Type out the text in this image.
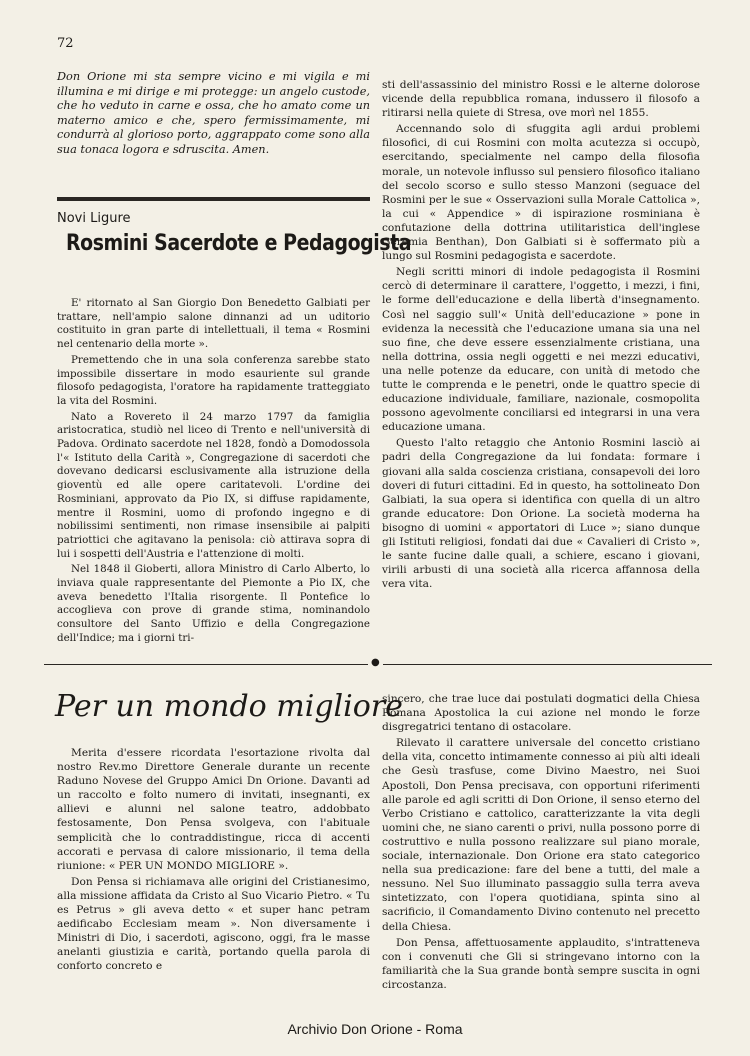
72

Don Orione mi sta sempre vicino e mi vigila e mi illumina e mi dirige e mi protegge: un angelo custode, che ho veduto in carne e ossa, che ho amato come un materno amico e che, spero fermissimamente, mi condurrà al glorioso porto, aggrappato come sono alla sua tonaca logora e sdruscita. Amen.

Novi Ligure
Rosmini Sacerdote e Pedagogista

E' ritornato al San Giorgio Don Benedetto Galbiati per trattare, nell'ampio salone dinnanzi ad un uditorio costituito in gran parte di intellettuali, il tema « Rosmini nel centenario della morte ».

Premettendo che in una sola conferenza sarebbe stato impossibile dissertare in modo esauriente sul grande filosofo pedagogista, l'oratore ha rapidamente tratteggiato la vita del Rosmini.

Nato a Rovereto il 24 marzo 1797 da famiglia aristocratica, studiò nel liceo di Trento e nell'università di Padova. Ordinato sacerdote nel 1828, fondò a Domodossola l'« Istituto della Carità », Congregazione di sacerdoti che dovevano dedicarsi esclusivamente alla istruzione della gioventù ed alle opere caritatevoli. L'ordine dei Rosminiani, approvato da Pio IX, si diffuse rapidamente, mentre il Rosmini, uomo di profondo ingegno e di nobilissimi sentimenti, non rimase insensibile ai palpiti patriottici che agitavano la penisola: ciò attirava sopra di lui i sospetti dell'Austria e l'attenzione di molti.

Nel 1848 il Gioberti, allora Ministro di Carlo Alberto, lo inviava quale rappresentante del Piemonte a Pio IX, che aveva benedetto l'Italia risorgente. Il Pontefice lo accoglieva con prove di grande stima, nominandolo consultore del Santo Uffizio e della Congregazione dell'Indice; ma i giorni tri-

sti dell'assassinio del ministro Rossi e le alterne dolorose vicende della repubblica romana, indussero il filosofo a ritirarsi nella quiete di Stresa, ove morì nel 1855.

Accennando solo di sfuggita agli ardui problemi filosofici, di cui Rosmini con molta acutezza si occupò, esercitando, specialmente nel campo della filosofia morale, un notevole influsso sul pensiero filosofico italiano del secolo scorso e sullo stesso Manzoni (seguace del Rosmini per le sue « Osservazioni sulla Morale Cattolica », la cui « Appendice » di ispirazione rosminiana è confutazione della dottrina utilitaristica dell'inglese Geremia Benthan), Don Galbiati si è soffermato più a lungo sul Rosmini pedagogista e sacerdote.

Negli scritti minori di indole pedagogista il Rosmini cercò di determinare il carattere, l'oggetto, i mezzi, i fini, le forme dell'educazione e della libertà d'insegnamento. Così nel saggio sull'« Unità dell'educazione » pone in evidenza la necessità che l'educazione umana sia una nel suo fine, che deve essere essenzialmente cristiana, una nella dottrina, ossia negli oggetti e nei mezzi educativi, una nelle potenze da educare, con unità di metodo che tutte le comprenda e le penetri, onde le quattro specie di educazione individuale, familiare, nazionale, cosmopolita possono agevolmente conciliarsi ed integrarsi in una vera educazione umana.

Questo l'alto retaggio che Antonio Rosmini lasciò ai padri della Congregazione da lui fondata: formare i giovani alla salda coscienza cristiana, consapevoli dei loro doveri di futuri cittadini. Ed in questo, ha sottolineato Don Galbiati, la sua opera si identifica con quella di un altro grande educatore: Don Orione. La società moderna ha bisogno di uomini « apportatori di Luce »; siano dunque gli Istituti religiosi, fondati dai due « Cavalieri di Cristo », le sante fucine dalle quali, a schiere, escano i giovani, virili arbusti di una società alla ricerca affannosa della vera vita.

●
Per un mondo migliore

Merita d'essere ricordata l'esortazione rivolta dal nostro Rev.mo Direttore Generale durante un recente Raduno Novese del Gruppo Amici Dn Orione. Davanti ad un raccolto e folto numero di invitati, insegnanti, ex allievi e alunni nel salone teatro, addobbato festosamente, Don Pensa svolgeva, con l'abituale semplicità che lo contraddistingue, ricca di accenti accorati e pervasa di calore missionario, il tema della riunione: « PER UN MONDO MIGLIORE ».

Don Pensa si richiamava alle origini del Cristianesimo, alla missione affidata da Cristo al Suo Vicario Pietro. « Tu es Petrus » gli aveva detto « et super hanc petram aedificabo Ecclesiam meam ». Non diversamente i Ministri di Dio, i sacerdoti, agiscono, oggi, fra le masse anelanti giustizia e carità, portando quella parola di conforto concreto e

sincero, che trae luce dai postulati dogmatici della Chiesa Romana Apostolica la cui azione nel mondo le forze disgregatrici tentano di ostacolare.

Rilevato il carattere universale del concetto cristiano della vita, concetto intimamente connesso ai più alti ideali che Gesù trasfuse, come Divino Maestro, nei Suoi Apostoli, Don Pensa precisava, con opportuni riferimenti alle parole ed agli scritti di Don Orione, il senso eterno del Verbo Cristiano e cattolico, caratterizzante la vita degli uomini che, ne siano carenti o privi, nulla possono porre di costruttivo e nulla possono realizzare sul piano morale, sociale, internazionale. Don Orione era stato categorico nella sua predicazione: fare del bene a tutti, del male a nessuno. Nel Suo illuminato passaggio sulla terra aveva sintetizzato, con l'opera quotidiana, spinta sino al sacrificio, il Comandamento Divino contenuto nel precetto della Chiesa.

Don Pensa, affettuosamente applaudito, s'intratteneva con i convenuti che Gli si stringevano intorno con la familiarità che la Sua grande bontà sempre suscita in ogni circostanza.

Archivio Don Orione - Roma
